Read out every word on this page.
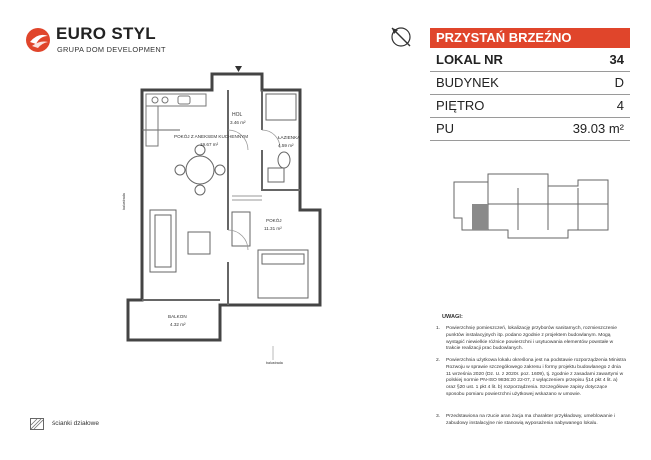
EURO STYL
GRUPA DOM DEVELOPMENT
HOL
3.46 m²
POKÓJ Z ANEKSEM KUCHENNYM
19.67 m²
ŁAZIENKA
4.59 m²
POKÓJ
11.31 m²
BALKON
4.32 m²
balustrada
balustrada
PRZYSTAŃ BRZEŹNO
LOKAL NR	34
BUDYNEK	D
PIĘTRO	4
PU	39.03 m²
UWAGI:
1. Powierzchnię pomieszczeń, lokalizację przyborów sanitarnych, rozmieszczenie punktów instalacyjnych itp. podano zgodnie z projektem budowlanym. Mogą wystąpić niewielkie różnice powierzchni i usytuowania elementów powstałe w trakcie realizacji prac budowlanych.
2. Powierzchnia użytkowa lokalu określona jest na podstawie rozporządzenia Ministra Rozwoju w sprawie szczegółowego zakresu i formy projektu budowlanego z dnia 11 września 2020 (Dz. U. z 2020r. poz. 1609), tj. zgodnie z zasadami zawartymi w polskiej normie PN-ISO 9836:20 22-07, z wyłączeniem przepisu §14 pkt 4 lit. a) oraz §20 ust. 1 pkt 4 lit. b) rozporządzenia. Szczegółowe zapisy dotyczące sposobu pomiaru powierzchni użytkowej wskazano w umowie.
3. Przedstawiona na rzucie aran żacja ma charakter przykładowy, umeblowanie i zabudowy instalacyjne nie stanowią wyposażenia nabywanego lokalu.
ścianki działowe
